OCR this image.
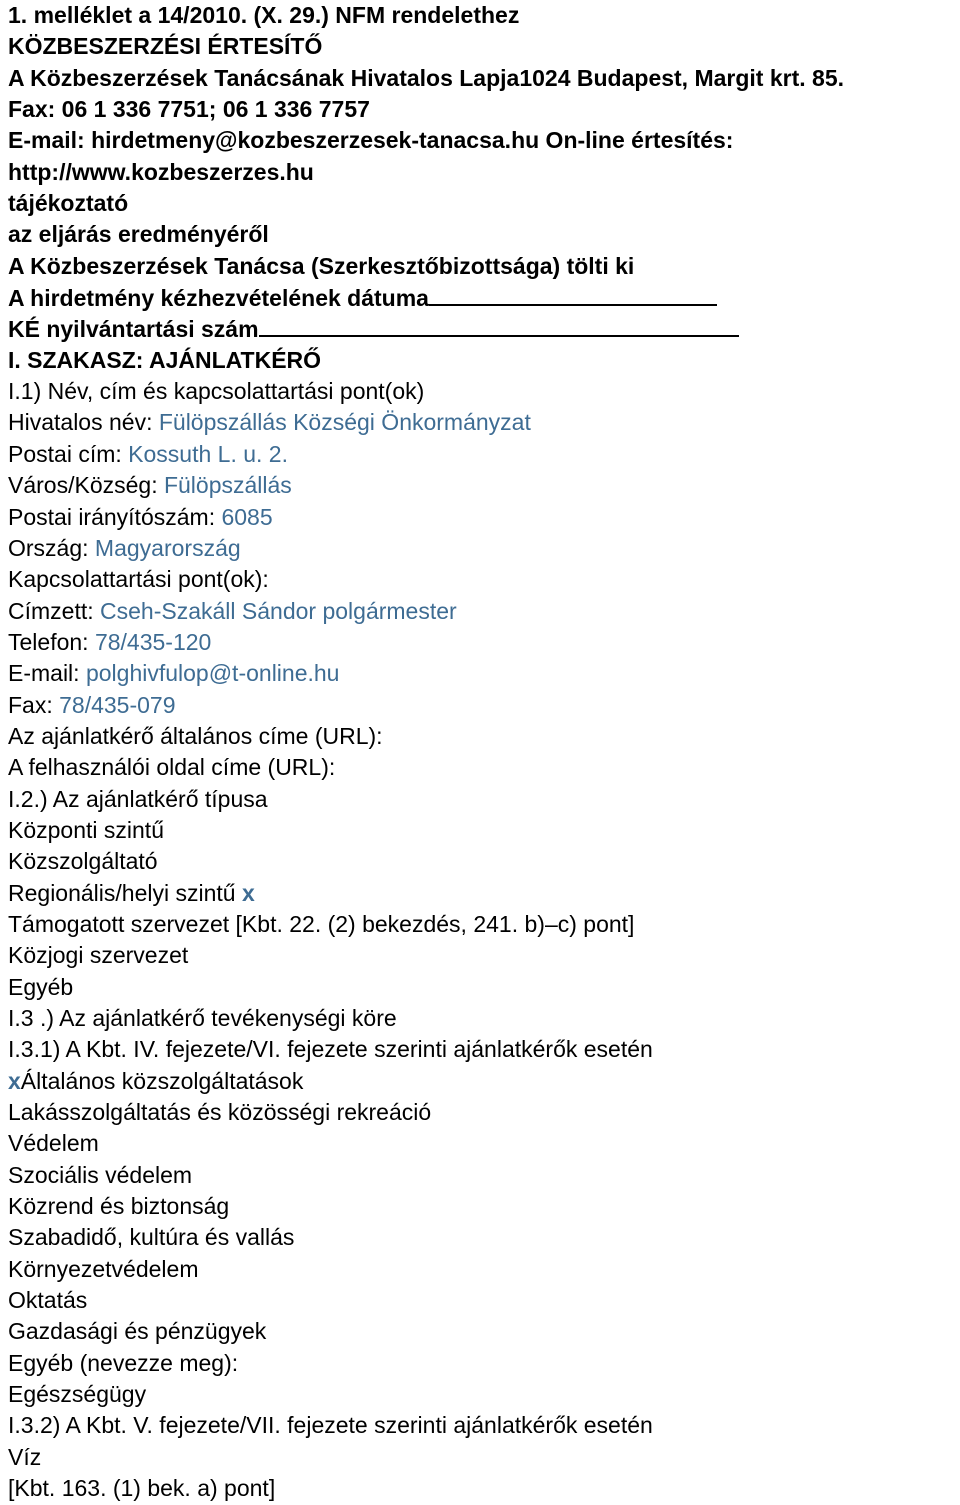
1. melléklet a 14/2010. (X. 29.) NFM rendelethez
KÖZBESZERZÉSI ÉRTESÍTŐ
A Közbeszerzések Tanácsának Hivatalos Lapja1024 Budapest, Margit krt. 85.
Fax: 06 1 336 7751; 06 1 336 7757
E-mail: hirdetmeny@kozbeszerzesek-tanacsa.hu On-line értesítés:
http://www.kozbeszerzes.hu
tájékoztató
az eljárás eredményéről
A Közbeszerzések Tanácsa (Szerkesztőbizottsága) tölti ki
A hirdetmény kézhezvételének dátuma
KÉ nyilvántartási szám
I. SZAKASZ: AJÁNLATKÉRŐ
I.1) Név, cím és kapcsolattartási pont(ok)
Hivatalos név: Fülöpszállás Községi Önkormányzat
Postai cím: Kossuth L. u. 2.
Város/Község: Fülöpszállás
Postai irányítószám: 6085
Ország: Magyarország
Kapcsolattartási pont(ok):
Címzett: Cseh-Szakáll Sándor polgármester
Telefon: 78/435-120
E-mail: polghivfulop@t-online.hu
Fax: 78/435-079
Az ajánlatkérő általános címe (URL):
A felhasználói oldal címe (URL):
I.2.) Az ajánlatkérő típusa
Központi szintű
Közszolgáltató
Regionális/helyi szintű x
Támogatott szervezet [Kbt. 22. (2) bekezdés, 241. b)–c) pont]
Közjogi szervezet
Egyéb
I.3 .) Az ajánlatkérő tevékenységi köre
I.3.1) A Kbt. IV. fejezete/VI. fejezete szerinti ajánlatkérők esetén
xÁltalános közszolgáltatások
Lakásszolgáltatás és közösségi rekreáció
Védelem
Szociális védelem
Közrend és biztonság
Szabadidő, kultúra és vallás
Környezetvédelem
Oktatás
Gazdasági és pénzügyek
Egyéb (nevezze meg):
Egészségügy
I.3.2) A Kbt. V. fejezete/VII. fejezete szerinti ajánlatkérők esetén
Víz
[Kbt. 163. (1) bek. a) pont]
